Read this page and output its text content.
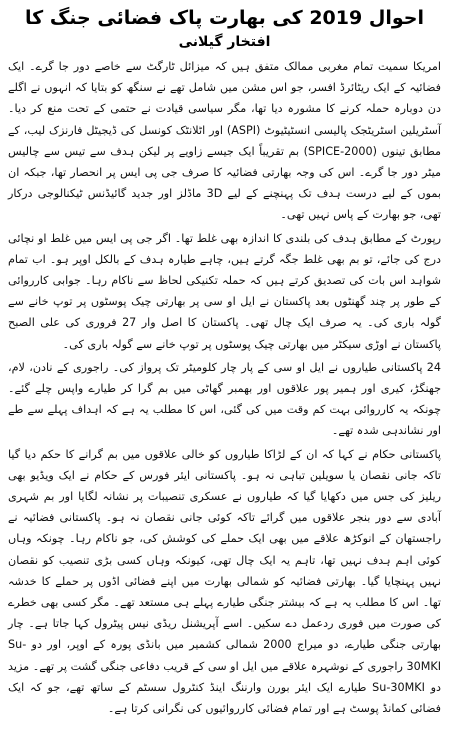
احوال 2019 کی بھارت پاک فضائی جنگ کا
افتخار گیلانی

امریکا سمیت تمام مغربی ممالک متفق ہیں کہ میزائل ٹارگٹ سے خاصے دور جا گرے۔ ایک فضائیہ کے ایک ریٹائرڈ افسر، جو اس مشن میں شامل تھے نے سنگھ کو بتایا کہ انہوں نے اگلے دن دوبارہ حملہ کرنے کا مشورہ دیا تھا، مگر سیاسی قیادت نے حتمی کے تحت منع کر دیا۔ آسٹریلین اسٹریٹجک پالیسی انسٹیٹیوٹ (ASPI) اور اٹلانٹک کونسل کی ڈیجیٹل فارنزک لیب، کے مطابق تینوں (SPICE-2000) بم تقریباً ایک جیسے زاویے پر لیکن ہدف سے تیس سے چالیس میٹر دور جا گرے۔ اس کی وجہ بھارتی فضائیہ کا صرف جی پی ایس پر انحصار تھا، جبکہ ان بموں کے لیے درست ہدف تک پہنچنے کے لیے 3D ماڈلز اور جدید گائیڈنس ٹیکنالوجی درکار تھی، جو بھارت کے پاس نہیں تھی۔

رپورٹ کے مطابق ہدف کی بلندی کا اندازہ بھی غلط تھا۔ اگر جی پی ایس میں غلط او نچائی درج کی جائے، تو بم بھی غلط جگہ گرتے ہیں، چاہے طیارہ ہدف کے بالکل اوپر ہو۔ اب تمام شواہد اس بات کی تصدیق کرتے ہیں کہ حملہ تکنیکی لحاظ سے ناکام رہا۔ جوابی کارروائی کے طور پر چند گھنٹوں بعد پاکستان نے ایل او سی پر بھارتی چیک پوسٹوں پر توپ خانے سے گولہ باری کی۔ یہ صرف ایک چال تھی۔ پاکستان کا اصل وار 27 فروری کی علی الصبح پاکستان نے اوڑی سیکٹر میں بھارتی چیک پوسٹوں پر توپ خانے سے گولہ باری کی۔

24 پاکستانی طیاروں نے ایل او سی کے پار چار کلومیٹر تک پرواز کی۔ راجوری کے نادن، لام، جھنگڑ، کیری اور ہمیر پور علاقوں اور بھمبر گھاٹی میں بم گرا کر طیارے واپس چلے گئے۔ چونکہ یہ کارروائی بہت کم وقت میں کی گئی، اس کا مطلب یہ ہے کہ اہداف پہلے سے طے اور نشاندہی شدہ تھے۔

پاکستانی حکام نے کہا کہ ان کے لڑاکا طیاروں کو خالی علاقوں میں بم گرانے کا حکم دیا گیا تاکہ جانی نقصان یا سویلین تباہی نہ ہو۔ پاکستانی ایئر فورس کے حکام نے ایک ویڈیو بھی ریلیز کی جس میں دکھایا گیا کہ طیاروں نے عسکری تنصیبات پر نشانہ لگایا اور بم شہری آبادی سے دور بنجر علاقوں میں گرائے تاکہ کوئی جانی نقصان نہ ہو۔ پاکستانی فضائیہ نے راجستھان کے انوکڑھ علاقے میں بھی ایک حملے کی کوشش کی، جو ناکام رہا۔ چونکہ وہاں کوئی اہم ہدف نہیں تھا، تاہم یہ ایک چال تھی، کیونکہ وہاں کسی بڑی تنصیب کو نقصان نہیں پہنچایا گیا۔ بھارتی فضائیہ کو شمالی بھارت میں اپنے فضائی اڈوں پر حملے کا خدشہ تھا۔ اس کا مطلب یہ ہے کہ بیشتر جنگی طیارے پہلے ہی مستعد تھے۔ مگر کسی بھی خطرے کی صورت میں فوری ردعمل دے سکیں۔ اسے آپریشنل ریڈی نیس پیٹرول کہا جاتا ہے۔ چار بھارتی جنگی طیارے، دو میراج 2000 شمالی کشمیر میں بانڈی پورہ کے اوپر، اور دو Su-30MKI راجوری کے نوشہرہ علاقے میں ایل او سی کے قریب دفاعی جنگی گشت پر تھے۔ مزید دو Su-30MKI طیارے ایک ایئر بورن وارننگ اینڈ کنٹرول سسٹم کے ساتھ تھے، جو کہ ایک فضائی کمانڈ پوسٹ ہے اور تمام فضائی کارروائیوں کی نگرانی کرتا ہے۔
